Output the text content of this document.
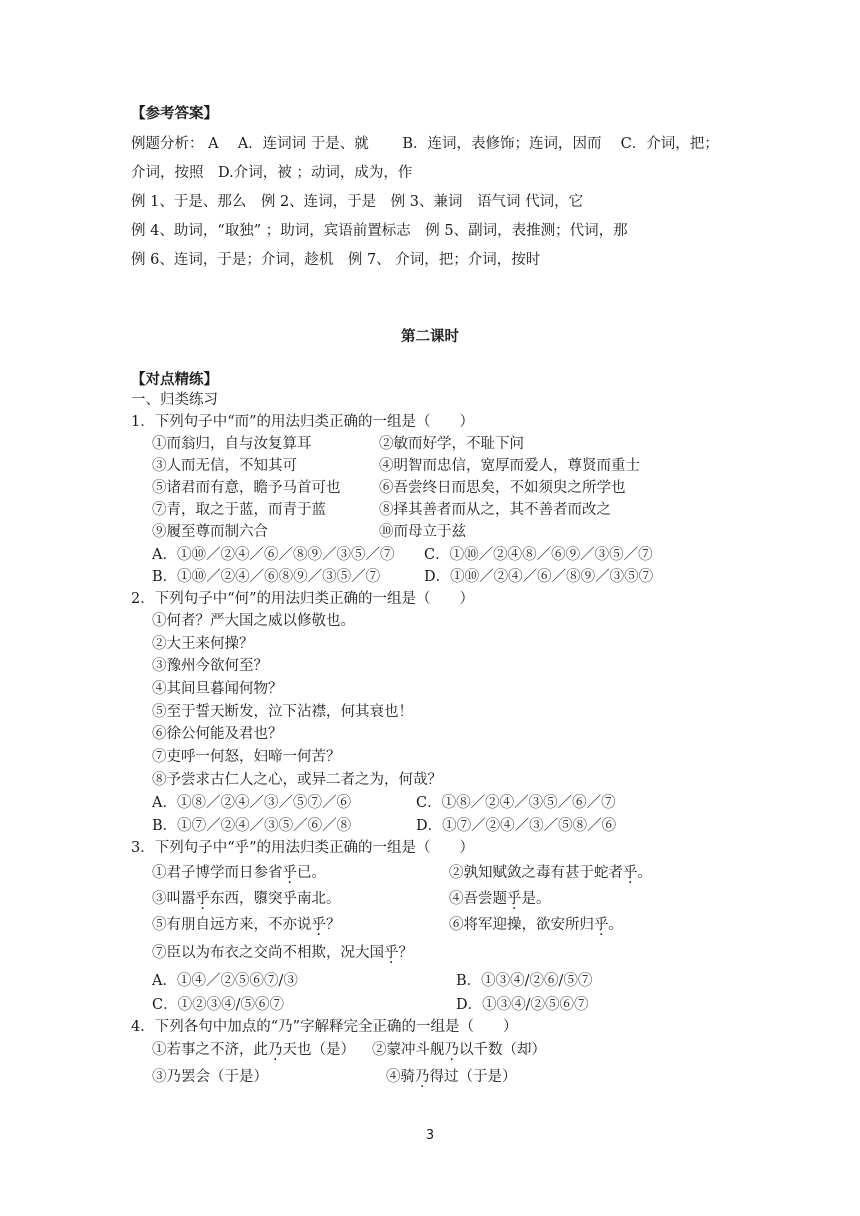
【参考答案】
例题分析： A　 A．连词词 于是、就　　 B．连词，表修饰；连词，因而　 C．介词，把；
介词，按照　D.介词，被 ；动词，成为，作
例 1、于是、那么　例 2、连词，于是　例 3、兼词　语气词 代词，它
例 4、助词，“取独” ；助词，宾语前置标志　例 5、副词，表推测；代词，那
例 6、连词，于是；介词，趁机　例 7、 介词，把；介词，按时
第二课时
【对点精练】
一、归类练习
1．下列句子中“而”的用法归类正确的一组是（　　）
①而翁归，自与汝复算耳	②敏而好学，不耻下问
③人而无信，不知其可	④明智而忠信，宽厚而爱人，尊贤而重士
⑤诸君而有意，瞻予马首可也	⑥吾尝终日而思矣，不如须臾之所学也
⑦青，取之于蓝，而青于蓝	⑧择其善者而从之，其不善者而改之
⑨履至尊而制六合	⑩而母立于兹
A．①⑩／②④／⑥／⑧⑨／③⑤／⑦ C．①⑩／②④⑧／⑥⑨／③⑤／⑦
B．①⑩／②④／⑥⑧⑨／③⑤／⑦	D．①⑩／②④／⑥／⑧⑨／③⑤⑦
2．下列句子中“何”的用法归类正确的一组是（　　）
①何者？严大国之威以修敬也。
②大王来何操？
③豫州今欲何至？
④其间旦暮闻何物？
⑤至于誓天断发，泣下沾襟，何其衰也！
⑥徐公何能及君也？
⑦吏呼一何怒，妇啼一何苦？
⑧予尝求古仁人之心，或异二者之为，何哉？
A．①⑧／②④／③／⑤⑦／⑥	C．①⑧／②④／③⑤／⑥／⑦
B．①⑦／②④／③⑤／⑥／⑧	D．①⑦／②④／③／⑤⑧／⑥
3．下列句子中“乎”的用法归类正确的一组是（　　）
①君子博学而日参省乎已。	②孰知赋敛之毒有甚于蛇者乎。
③叫嚣乎东西，隳突乎南北。	④吾尝题乎是。
⑤有朋自远方来，不亦说乎？	⑥将军迎操，欲安所归乎。
⑦臣以为布衣之交尚不相欺，况大国乎？
A．①④／②⑤⑥⑦/③	B．①③④/②⑥/⑤⑦
C．①②③④/⑤⑥⑦	D．①③④/②⑤⑥⑦
4．下列各句中加点的“乃”字解释完全正确的一组是（　　）
①若事之不济，此乃天也（是） ②蒙冲斗舰乃以千数（却）
③乃罢会（于是）	④骑乃得过（于是）
3
